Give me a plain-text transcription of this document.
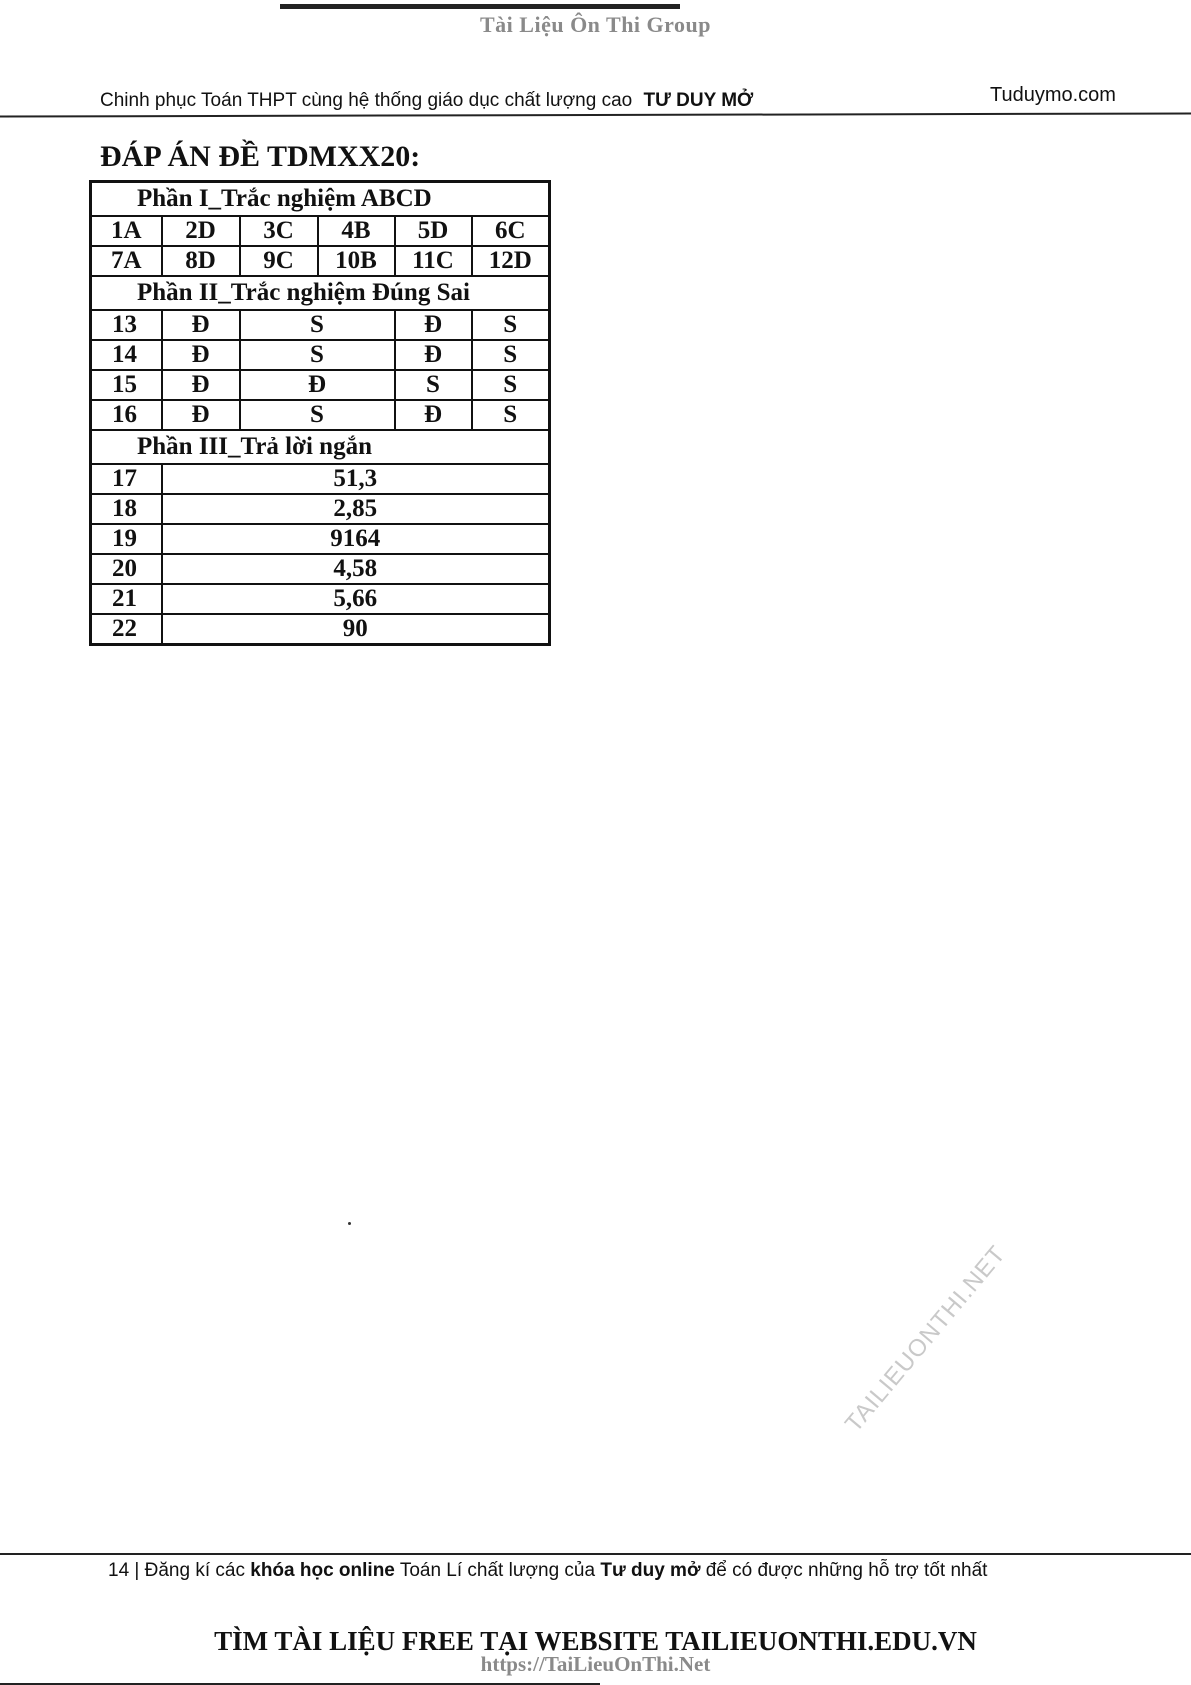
Tài Liệu Ôn Thi Group
Chinh phục Toán THPT cùng hệ thống giáo dục chất lượng cao TƯ DUY MỞ	Tuduymo.com
ĐÁP ÁN ĐỀ TDMXX20:
Phần I_Trắc nghiệm ABCD					
1A	2D	3C	4B	5D	6C
7A	8D	9C	10B	11C	12D
Phần II_Trắc nghiệm Đúng Sai					
13	Đ	S		Đ	S
14	Đ	S		Đ	S
15	Đ	Đ		S	S
16	Đ	S		Đ	S
Phần III_Trả lời ngắn					
17	51,3				
18	2,85				
19	9164				
20	4,58				
21	5,66				
22	90				
TAILIEUONTHI.NET
14 | Đăng kí các khóa học online Toán Lí chất lượng của Tư duy mở để có được những hỗ trợ tốt nhất
TÌM TÀI LIỆU FREE TẠI WEBSITE TAILIEUONTHI.EDU.VN
https://TaiLieuOnThi.Net
